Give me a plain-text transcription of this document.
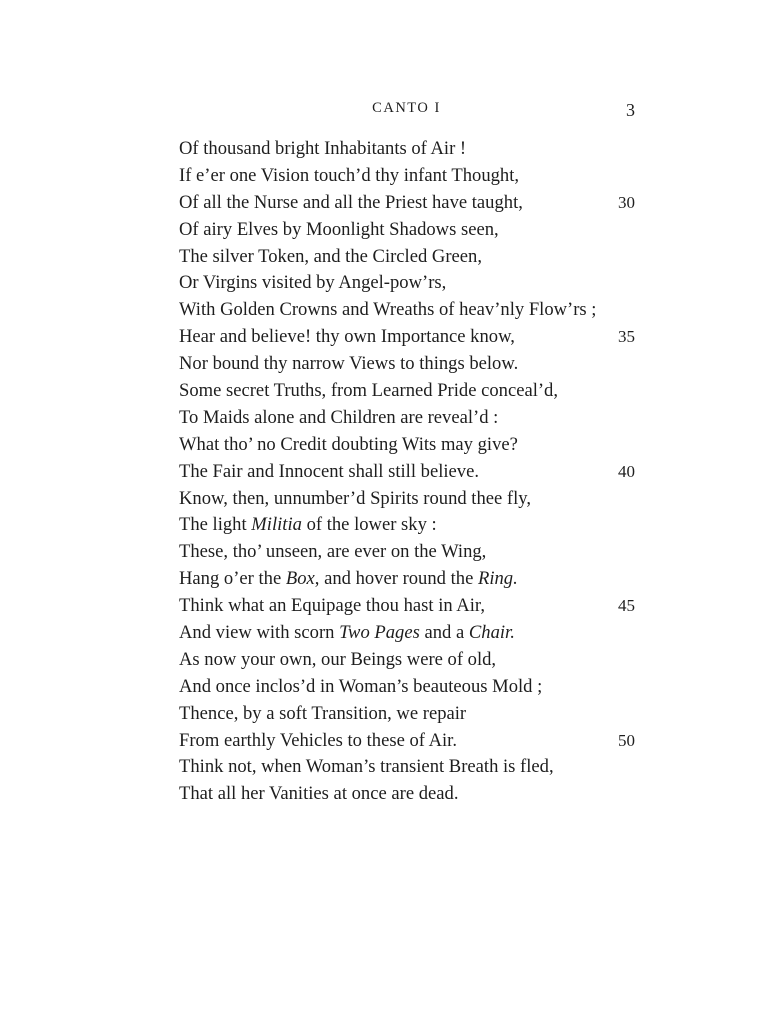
CANTO I	3
Of thousand bright Inhabitants of Air !
If e’er one Vision touch’d thy infant Thought,
Of all the Nurse and all the Priest have taught,	30
Of airy Elves by Moonlight Shadows seen,
The silver Token, and the Circled Green,
Or Virgins visited by Angel-pow’rs,
With Golden Crowns and Wreaths of heav’nly Flow’rs ;
Hear and believe! thy own Importance know,	35
Nor bound thy narrow Views to things below.
Some secret Truths, from Learned Pride conceal’d,
To Maids alone and Children are reveal’d :
What tho’ no Credit doubting Wits may give?
The Fair and Innocent shall still believe.	40
Know, then, unnumber’d Spirits round thee fly,
The light Militia of the lower sky :
These, tho’ unseen, are ever on the Wing,
Hang o’er the Box, and hover round the Ring.
Think what an Equipage thou hast in Air,	45
And view with scorn Two Pages and a Chair.
As now your own, our Beings were of old,
And once inclos’d in Woman’s beauteous Mold ;
Thence, by a soft Transition, we repair
From earthly Vehicles to these of Air.	50
Think not, when Woman’s transient Breath is fled,
That all her Vanities at once are dead.
